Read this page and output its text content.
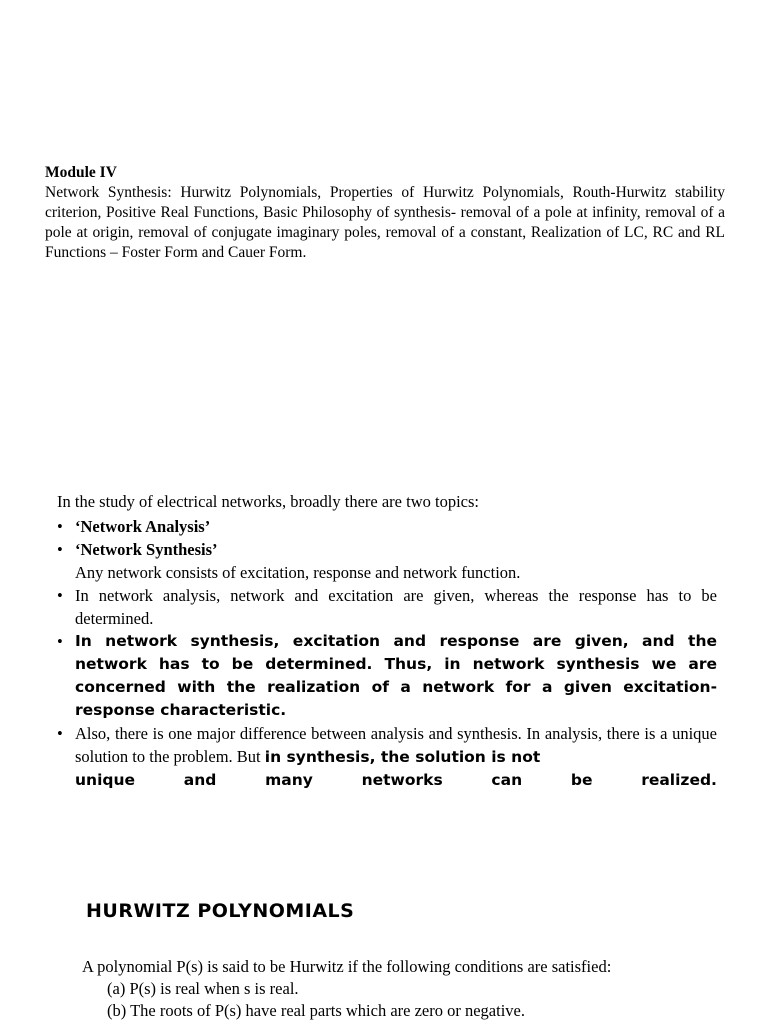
Module IV
Network Synthesis: Hurwitz Polynomials, Properties of Hurwitz Polynomials, Routh-Hurwitz stability criterion, Positive Real Functions, Basic Philosophy of synthesis- removal of a pole at infinity, removal of a pole at origin, removal of conjugate imaginary poles, removal of a constant, Realization of LC, RC and RL Functions – Foster Form and Cauer Form.

In the study of electrical networks, broadly there are two topics:

• ‘Network Analysis’
• ‘Network Synthesis’
Any network consists of excitation, response and network function.
• In network analysis, network and excitation are given, whereas the response has to be determined.
• In network synthesis, excitation and response are given, and the network has to be determined. Thus, in network synthesis we are concerned with the realization of a network for a given excitation-response characteristic.
• Also, there is one major difference between analysis and synthesis. In analysis, there is a unique solution to the problem. But in synthesis, the solution is not
unique	and	many	networks	can	be	realized.
HURWITZ POLYNOMIALS
A polynomial P(s) is said to be Hurwitz if the following conditions are satisfied:
(a) P(s) is real when s is real.
(b) The roots of P(s) have real parts which are zero or negative.
